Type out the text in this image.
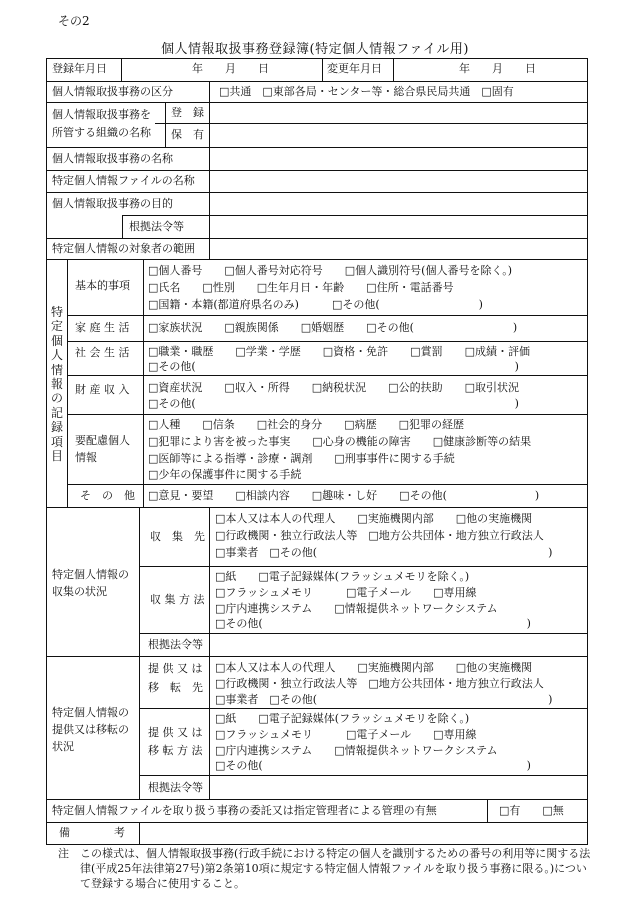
その2
個人情報取扱事務登録簿(特定個人情報ファイル用)
登録年月日	年　　月　　日	変更年月日	年　　月　　日
個人情報取扱事務の区分	□共通　□東部各局・センター等・総合県民局共通　□固有
個人情報取扱事務を
所管する組織の名称
登　録
保　有
個人情報取扱事務の名称
特定個人情報ファイルの名称
個人情報取扱事務の目的
根拠法令等
特定個人情報の対象者の範囲
特定個人情報の記録項目
基本的事項
□個人番号　　□個人番号対応符号　　□個人識別符号(個人番号を除く。)
□氏名　　□性別　　□生年月日・年齢　　□住所・電話番号
□国籍・本籍(都道府県名のみ)　　　□その他(　　　　　　　　　)
家 庭 生 活 □家族状況　　□親族関係　　□婚姻歴　　□その他(　　　　　　　　　)
社 会 生 活 □職業・職歴　　□学業・学歴　　□資格・免許　　□賞罰　　□成績・評価
□その他(　　　　　　　　　　　　　　　　　　　　　　　　　　　　　)
財 産 収 入 □資産状況　　□収入・所得　　□納税状況　　□公的扶助　　□取引状況
□その他(　　　　　　　　　　　　　　　　　　　　　　　　　　　　　)
要配慮個人
情報
□人種　　□信条　　□社会的身分　　□病歴　　□犯罪の経歴
□犯罪により害を被った事実　　□心身の機能の障害　　□健康診断等の結果
□医師等による指導・診療・調剤　　□刑事事件に関する手続
□少年の保護事件に関する手続
そ　の　他 □意見・要望　　□相談内容　　□趣味・し好　　□その他(　　　　　　　　)
特定個人情報の
収集の状況
収　集　先
□本人又は本人の代理人　　□実施機関内部　　□他の実施機関
□行政機関・独立行政法人等　□地方公共団体・地方独立行政法人
□事業者　□その他(　　　　　　　　　　　　　　　　　　　　　)
収 集 方 法
□紙　　□電子記録媒体(フラッシュメモリを除く。)
□フラッシュメモリ　　　□電子メール　　□専用線
□庁内連携システム　　□情報提供ネットワークシステム
□その他(　　　　　　　　　　　　　　　　　　　　　　　　)
根拠法令等
特定個人情報の
提供又は移転の
状況
提 供 又 は
移　転　先
□本人又は本人の代理人　　□実施機関内部　　□他の実施機関
□行政機関・独立行政法人等　□地方公共団体・地方独立行政法人
□事業者　□その他(　　　　　　　　　　　　　　　　　　　　　)
提 供 又 は
移 転 方 法
□紙　　□電子記録媒体(フラッシュメモリを除く。)
□フラッシュメモリ　　　□電子メール　　□専用線
□庁内連携システム　　□情報提供ネットワークシステム
□その他(　　　　　　　　　　　　　　　　　　　　　　　　)
根拠法令等
特定個人情報ファイルを取り扱う事務の委託又は指定管理者による管理の有無	□有　　□無
備　　　　考
注 この様式は、個人情報取扱事務(行政手続における特定の個人を識別するための番号の利用等に関する法律(平成25年法律第27号)第2条第10項に規定する特定個人情報ファイルを取り扱う事務に限る。)について登録する場合に使用すること。
